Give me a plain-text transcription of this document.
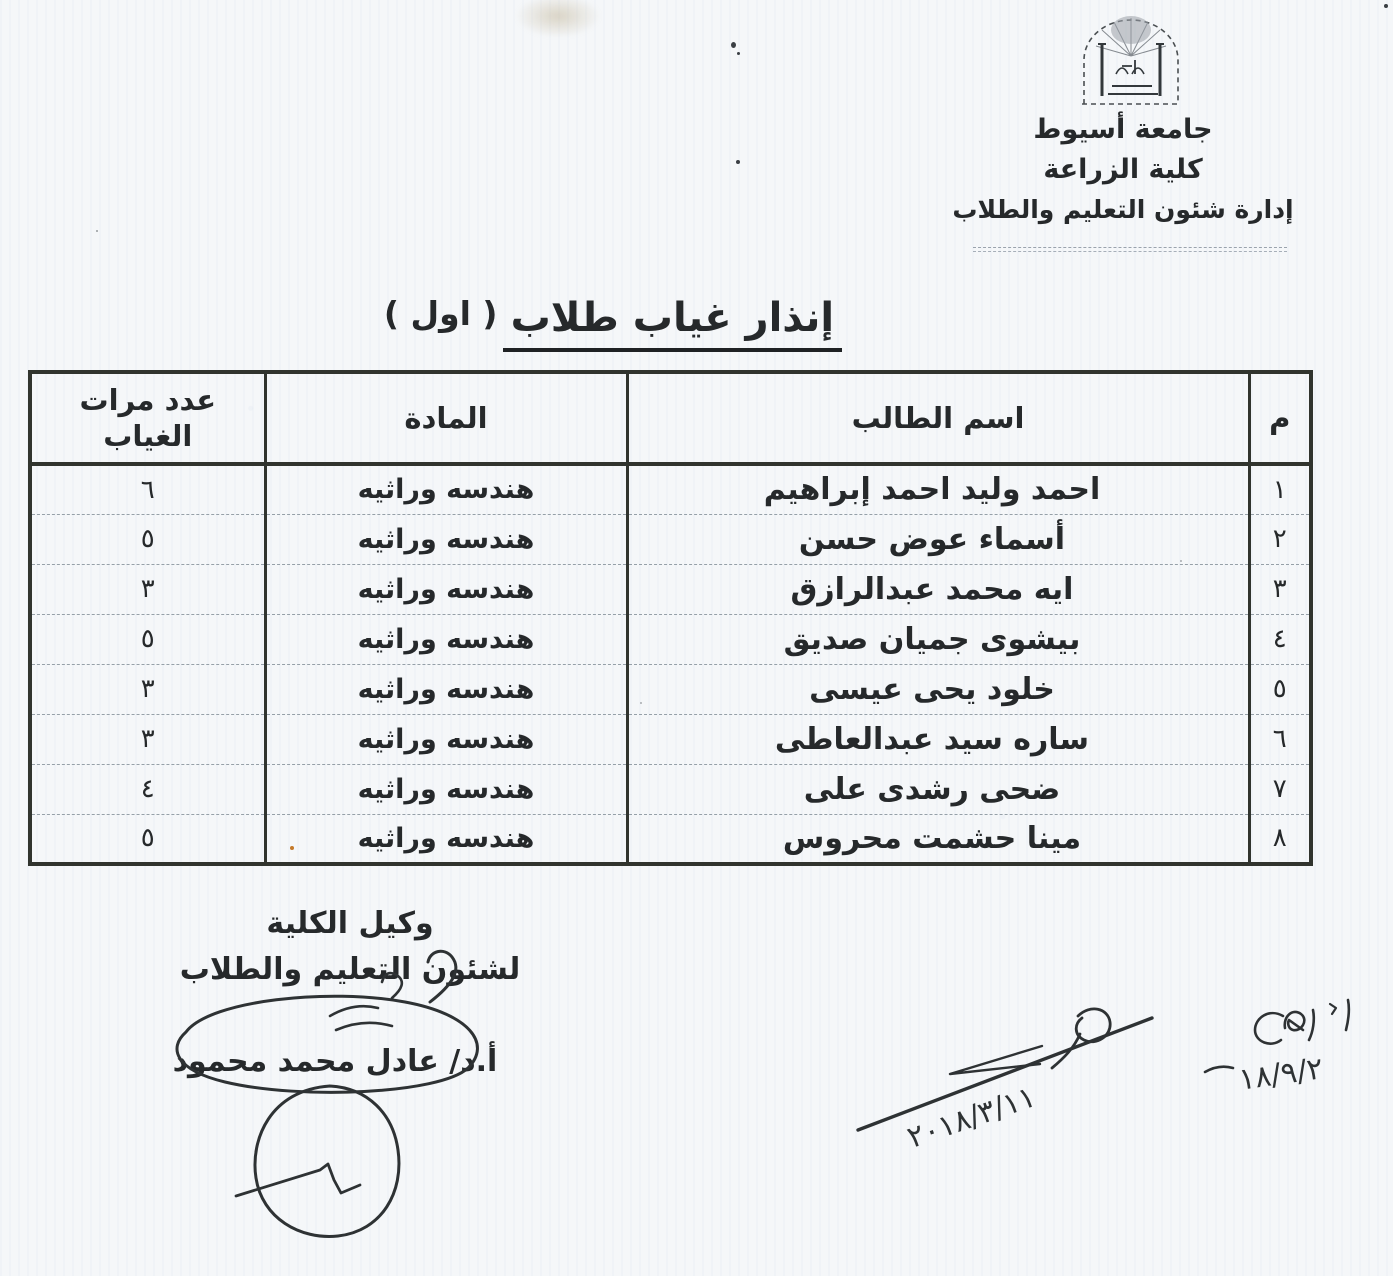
جامعة أسيوط
كلية الزراعة
إدارة شئون التعليم والطلاب
إنذار غياب طلاب ( اول )
م	اسم الطالب	المادة	عدد مرات الغياب
١	احمد وليد احمد إبراهيم	هندسه وراثيه	٦
٢	أسماء عوض حسن	هندسه وراثيه	٥
٣	ايه محمد عبدالرازق	هندسه وراثيه	٣
٤	بيشوى جميان صديق	هندسه وراثيه	٥
٥	خلود يحى عيسى	هندسه وراثيه	٣
٦	ساره سيد عبدالعاطى	هندسه وراثيه	٣
٧	ضحى رشدى على	هندسه وراثيه	٤
٨	مينا حشمت محروس	هندسه وراثيه	٥
وكيل الكلية
لشئون التعليم والطلاب
أ.د/ عادل محمد محمود
٢٠١٨/٣/١١
١٨/٩/٢
